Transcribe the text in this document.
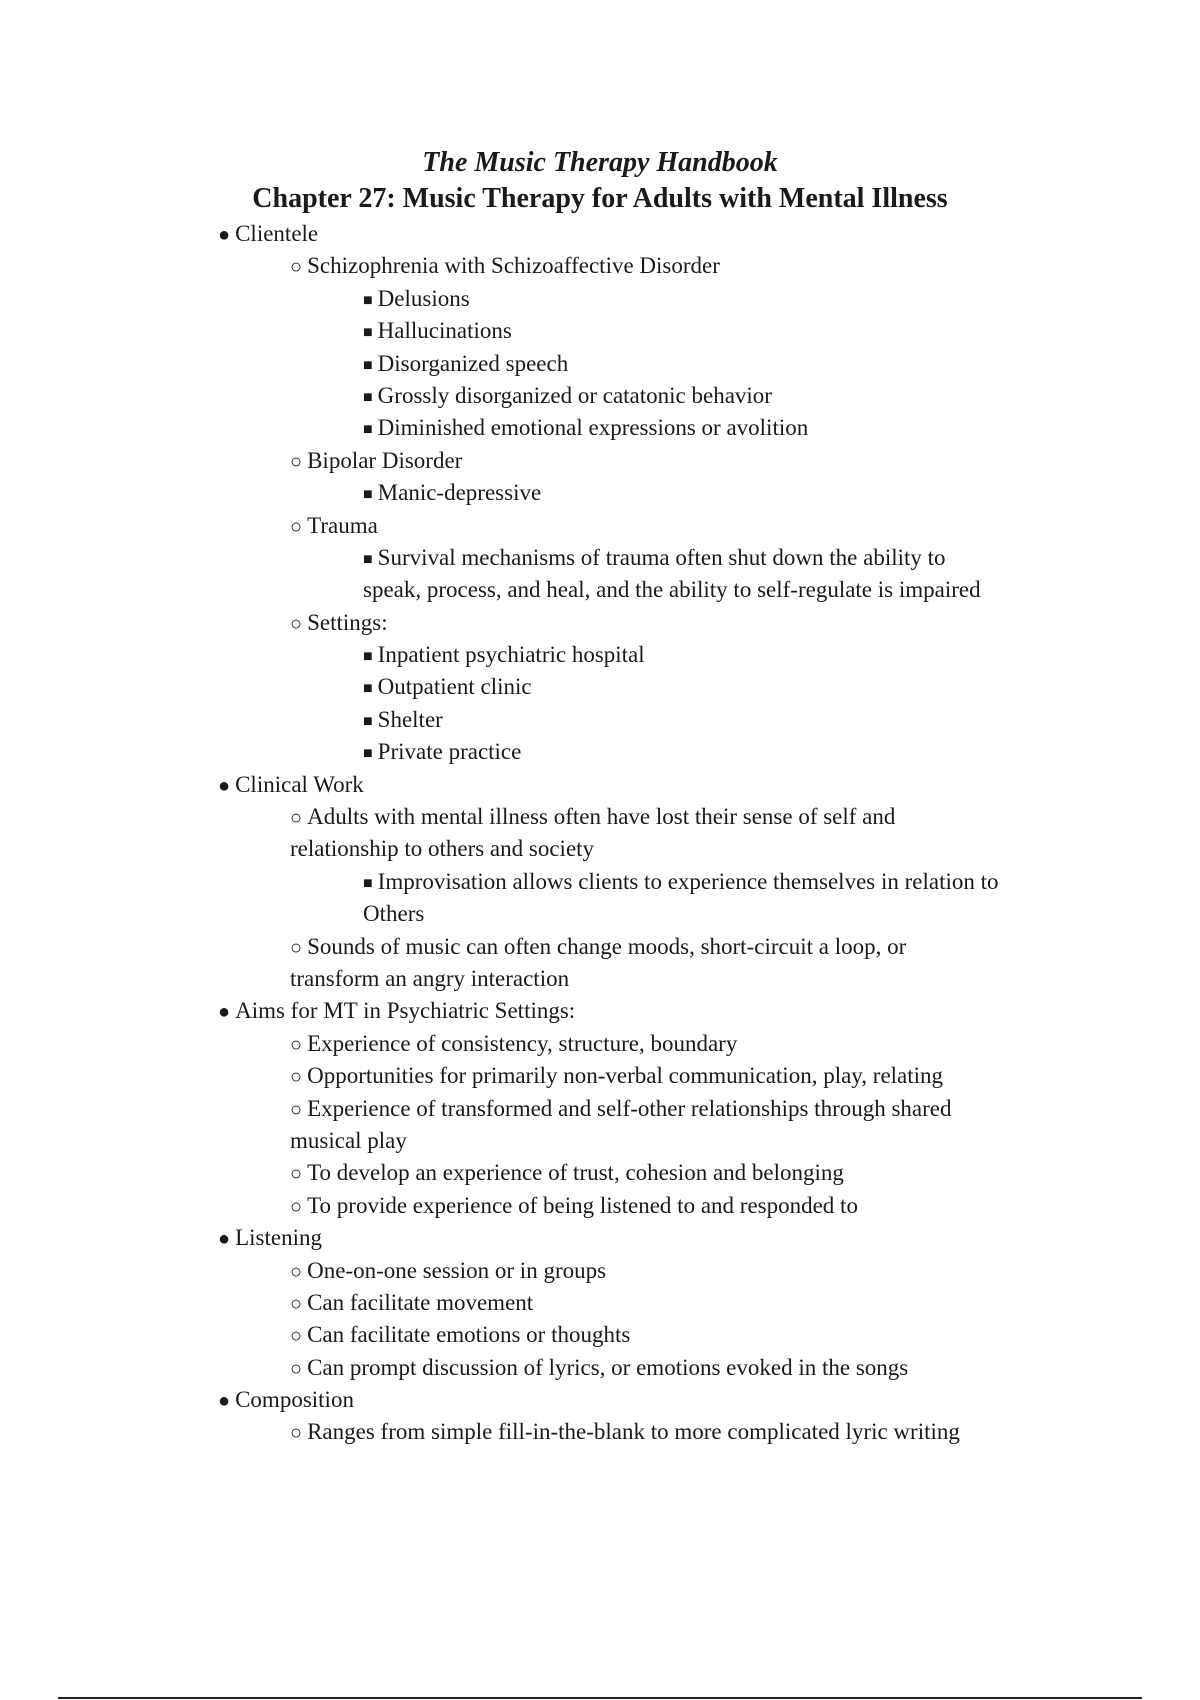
The Music Therapy Handbook
Chapter 27: Music Therapy for Adults with Mental Illness
● Clientele
○ Schizophrenia with Schizoaffective Disorder
■ Delusions
■ Hallucinations
■ Disorganized speech
■ Grossly disorganized or catatonic behavior
■ Diminished emotional expressions or avolition
○ Bipolar Disorder
■ Manic-depressive
○ Trauma
■ Survival mechanisms of trauma often shut down the ability to
speak, process, and heal, and the ability to self-regulate is impaired
○ Settings:
■ Inpatient psychiatric hospital
■ Outpatient clinic
■ Shelter
■ Private practice
● Clinical Work
○ Adults with mental illness often have lost their sense of self and
relationship to others and society
■ Improvisation allows clients to experience themselves in relation to
Others
○ Sounds of music can often change moods, short-circuit a loop, or
transform an angry interaction
● Aims for MT in Psychiatric Settings:
○ Experience of consistency, structure, boundary
○ Opportunities for primarily non-verbal communication, play, relating
○ Experience of transformed and self-other relationships through shared
musical play
○ To develop an experience of trust, cohesion and belonging
○ To provide experience of being listened to and responded to
● Listening
○ One-on-one session or in groups
○ Can facilitate movement
○ Can facilitate emotions or thoughts
○ Can prompt discussion of lyrics, or emotions evoked in the songs
● Composition
○ Ranges from simple fill-in-the-blank to more complicated lyric writing
